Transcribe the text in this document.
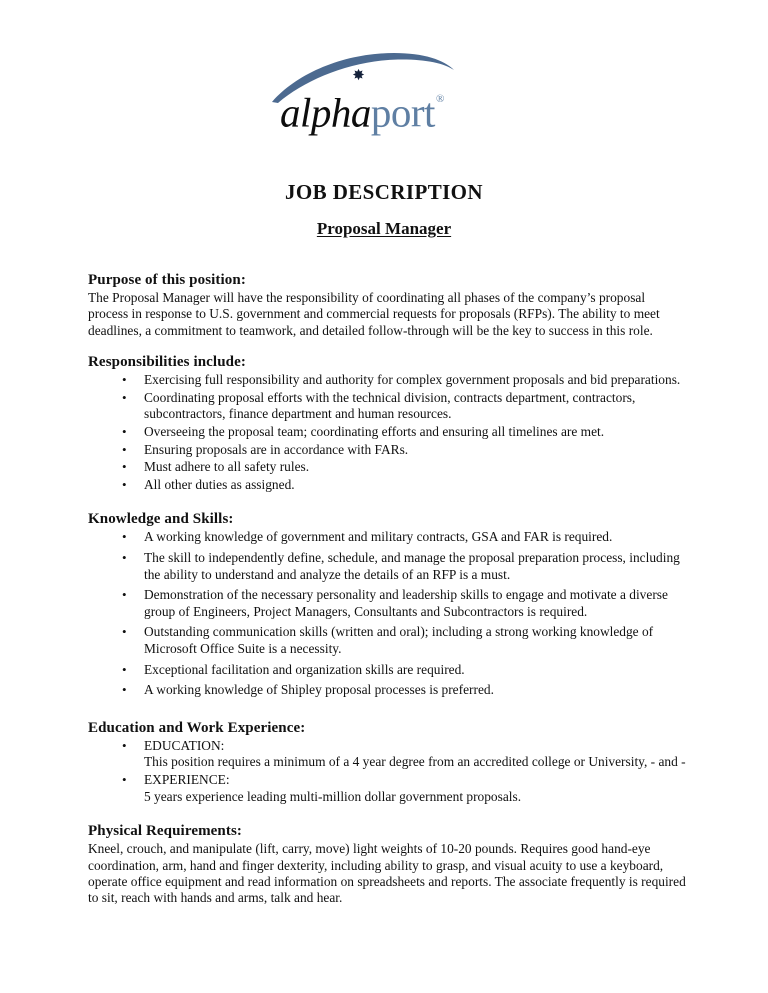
✸
alphaport®
JOB DESCRIPTION
Proposal Manager
Purpose of this position:

The Proposal Manager will have the responsibility of coordinating all phases of the company’s proposal process in response to U.S. government and commercial requests for proposals (RFPs). The ability to meet deadlines, a commitment to teamwork, and detailed follow-through will be the key to success in this role.

Responsibilities include:
• Exercising full responsibility and authority for complex government proposals and bid preparations.
• Coordinating proposal efforts with the technical division, contracts department, contractors, subcontractors, finance department and human resources.
• Overseeing the proposal team; coordinating efforts and ensuring all timelines are met.
• Ensuring proposals are in accordance with FARs.
• Must adhere to all safety rules.
• All other duties as assigned.
Knowledge and Skills:
• A working knowledge of government and military contracts, GSA and FAR is required.
• The skill to independently define, schedule, and manage the proposal preparation process, including the ability to understand and analyze the details of an RFP is a must.
• Demonstration of the necessary personality and leadership skills to engage and motivate a diverse group of Engineers, Project Managers, Consultants and Subcontractors is required.
• Outstanding communication skills (written and oral); including a strong working knowledge of Microsoft Office Suite is a necessity.
• Exceptional facilitation and organization skills are required.
• A working knowledge of Shipley proposal processes is preferred.
Education and Work Experience:
• EDUCATION:
This position requires a minimum of a 4 year degree from an accredited college or University, - and -
• EXPERIENCE:
5 years experience leading multi-million dollar government proposals.
Physical Requirements:

Kneel, crouch, and manipulate (lift, carry, move) light weights of 10-20 pounds. Requires good hand-eye coordination, arm, hand and finger dexterity, including ability to grasp, and visual acuity to use a keyboard, operate office equipment and read information on spreadsheets and reports. The associate frequently is required to sit, reach with hands and arms, talk and hear.
